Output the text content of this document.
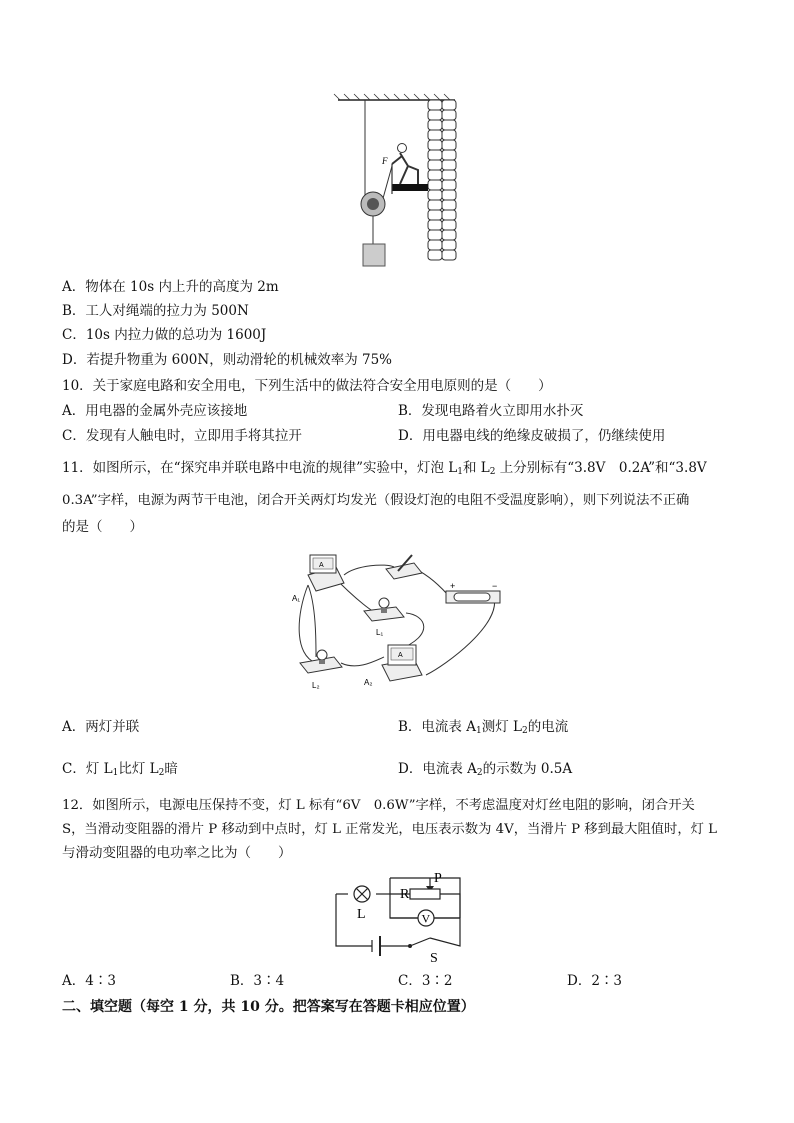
F
A．物体在 10s 内上升的高度为 2m
B．工人对绳端的拉力为 500N
C．10s 内拉力做的总功为 1600J
D．若提升物重为 600N，则动滑轮的机械效率为 75%
10．关于家庭电路和安全用电，下列生活中的做法符合安全用电原则的是（　　）
A．用电器的金属外壳应该接地	B．发现电路着火立即用水扑灭
C．发现有人触电时，立即用手将其拉开	D．用电器电线的绝缘皮破损了，仍继续使用
11．如图所示，在“探究串并联电路中电流的规律”实验中，灯泡 $L_1$和 $L_2$ 上分别标有“3.8V　0.2A”和“3.8V
0.3A”字样，电源为两节干电池，闭合开关两灯均发光（假设灯泡的电阻不受温度影响），则下列说法不正确
的是（　　）
A
A₁
L₁
+	−
L₂
A
A₂
A．两灯并联	B．电流表 $A_1$测灯 $L_2$的电流
C．灯 $L_1$比灯 $L_2$暗	D．电流表 $A_2$的示数为 0.5A
12．如图所示，电源电压保持不变，灯 L 标有“6V　0.6W”字样，不考虑温度对灯丝电阻的影响，闭合开关
S，当滑动变阻器的滑片 P 移动到中点时，灯 L 正常发光，电压表示数为 4V，当滑片 P 移到最大阻值时，灯 L
与滑动变阻器的电功率之比为（　　）
V
P
R
L
S
A．4∶3	B．3∶4	C．3∶2	D．2∶3
二、填空题（每空 1 分，共 10 分。把答案写在答题卡相应位置）
